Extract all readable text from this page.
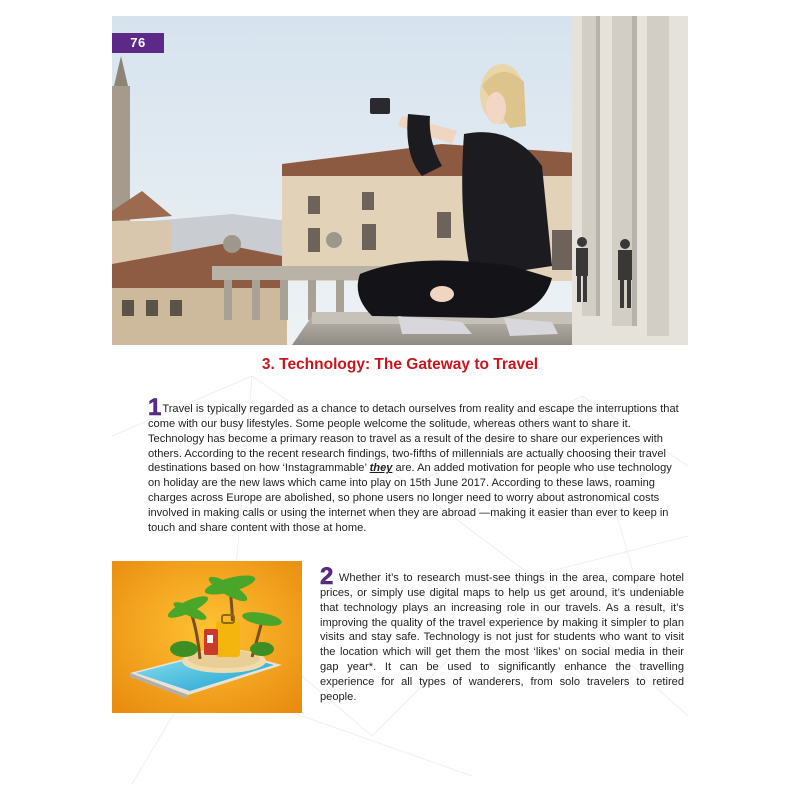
76
3. Technology: The Gateway to Travel
1Travel is typically regarded as a chance to detach ourselves from reality and escape the interruptions that come with our busy lifestyles. Some people welcome the solitude, whereas others want to share it. Technology has become a primary reason to travel as a result of the desire to share our experiences with others. According to the recent research findings, two-fifths of millennials are actually choosing their travel destinations based on how ‘Instagrammable’ they are. An added motivation for people who use technology on holiday are the new laws which came into play on 15th June 2017. According to these laws, roaming charges across Europe are abolished, so phone users no longer need to worry about astronomical costs involved in making calls or using the internet when they are abroad —making it easier than ever to keep in touch and share content with those at home.
2 Whether it’s to research must-see things in the area, compare hotel prices, or simply use digital maps to help us get around, it’s undeniable that technology plays an increasing role in our travels. As a result, it’s improving the quality of the travel experience by making it simpler to plan visits and stay safe. Technology is not just for students who want to visit the location which will get them the most ‘likes’ on social media in their gap year*. It can be used to significantly enhance the travelling experience for all types of wanderers, from solo travelers to retired people.
